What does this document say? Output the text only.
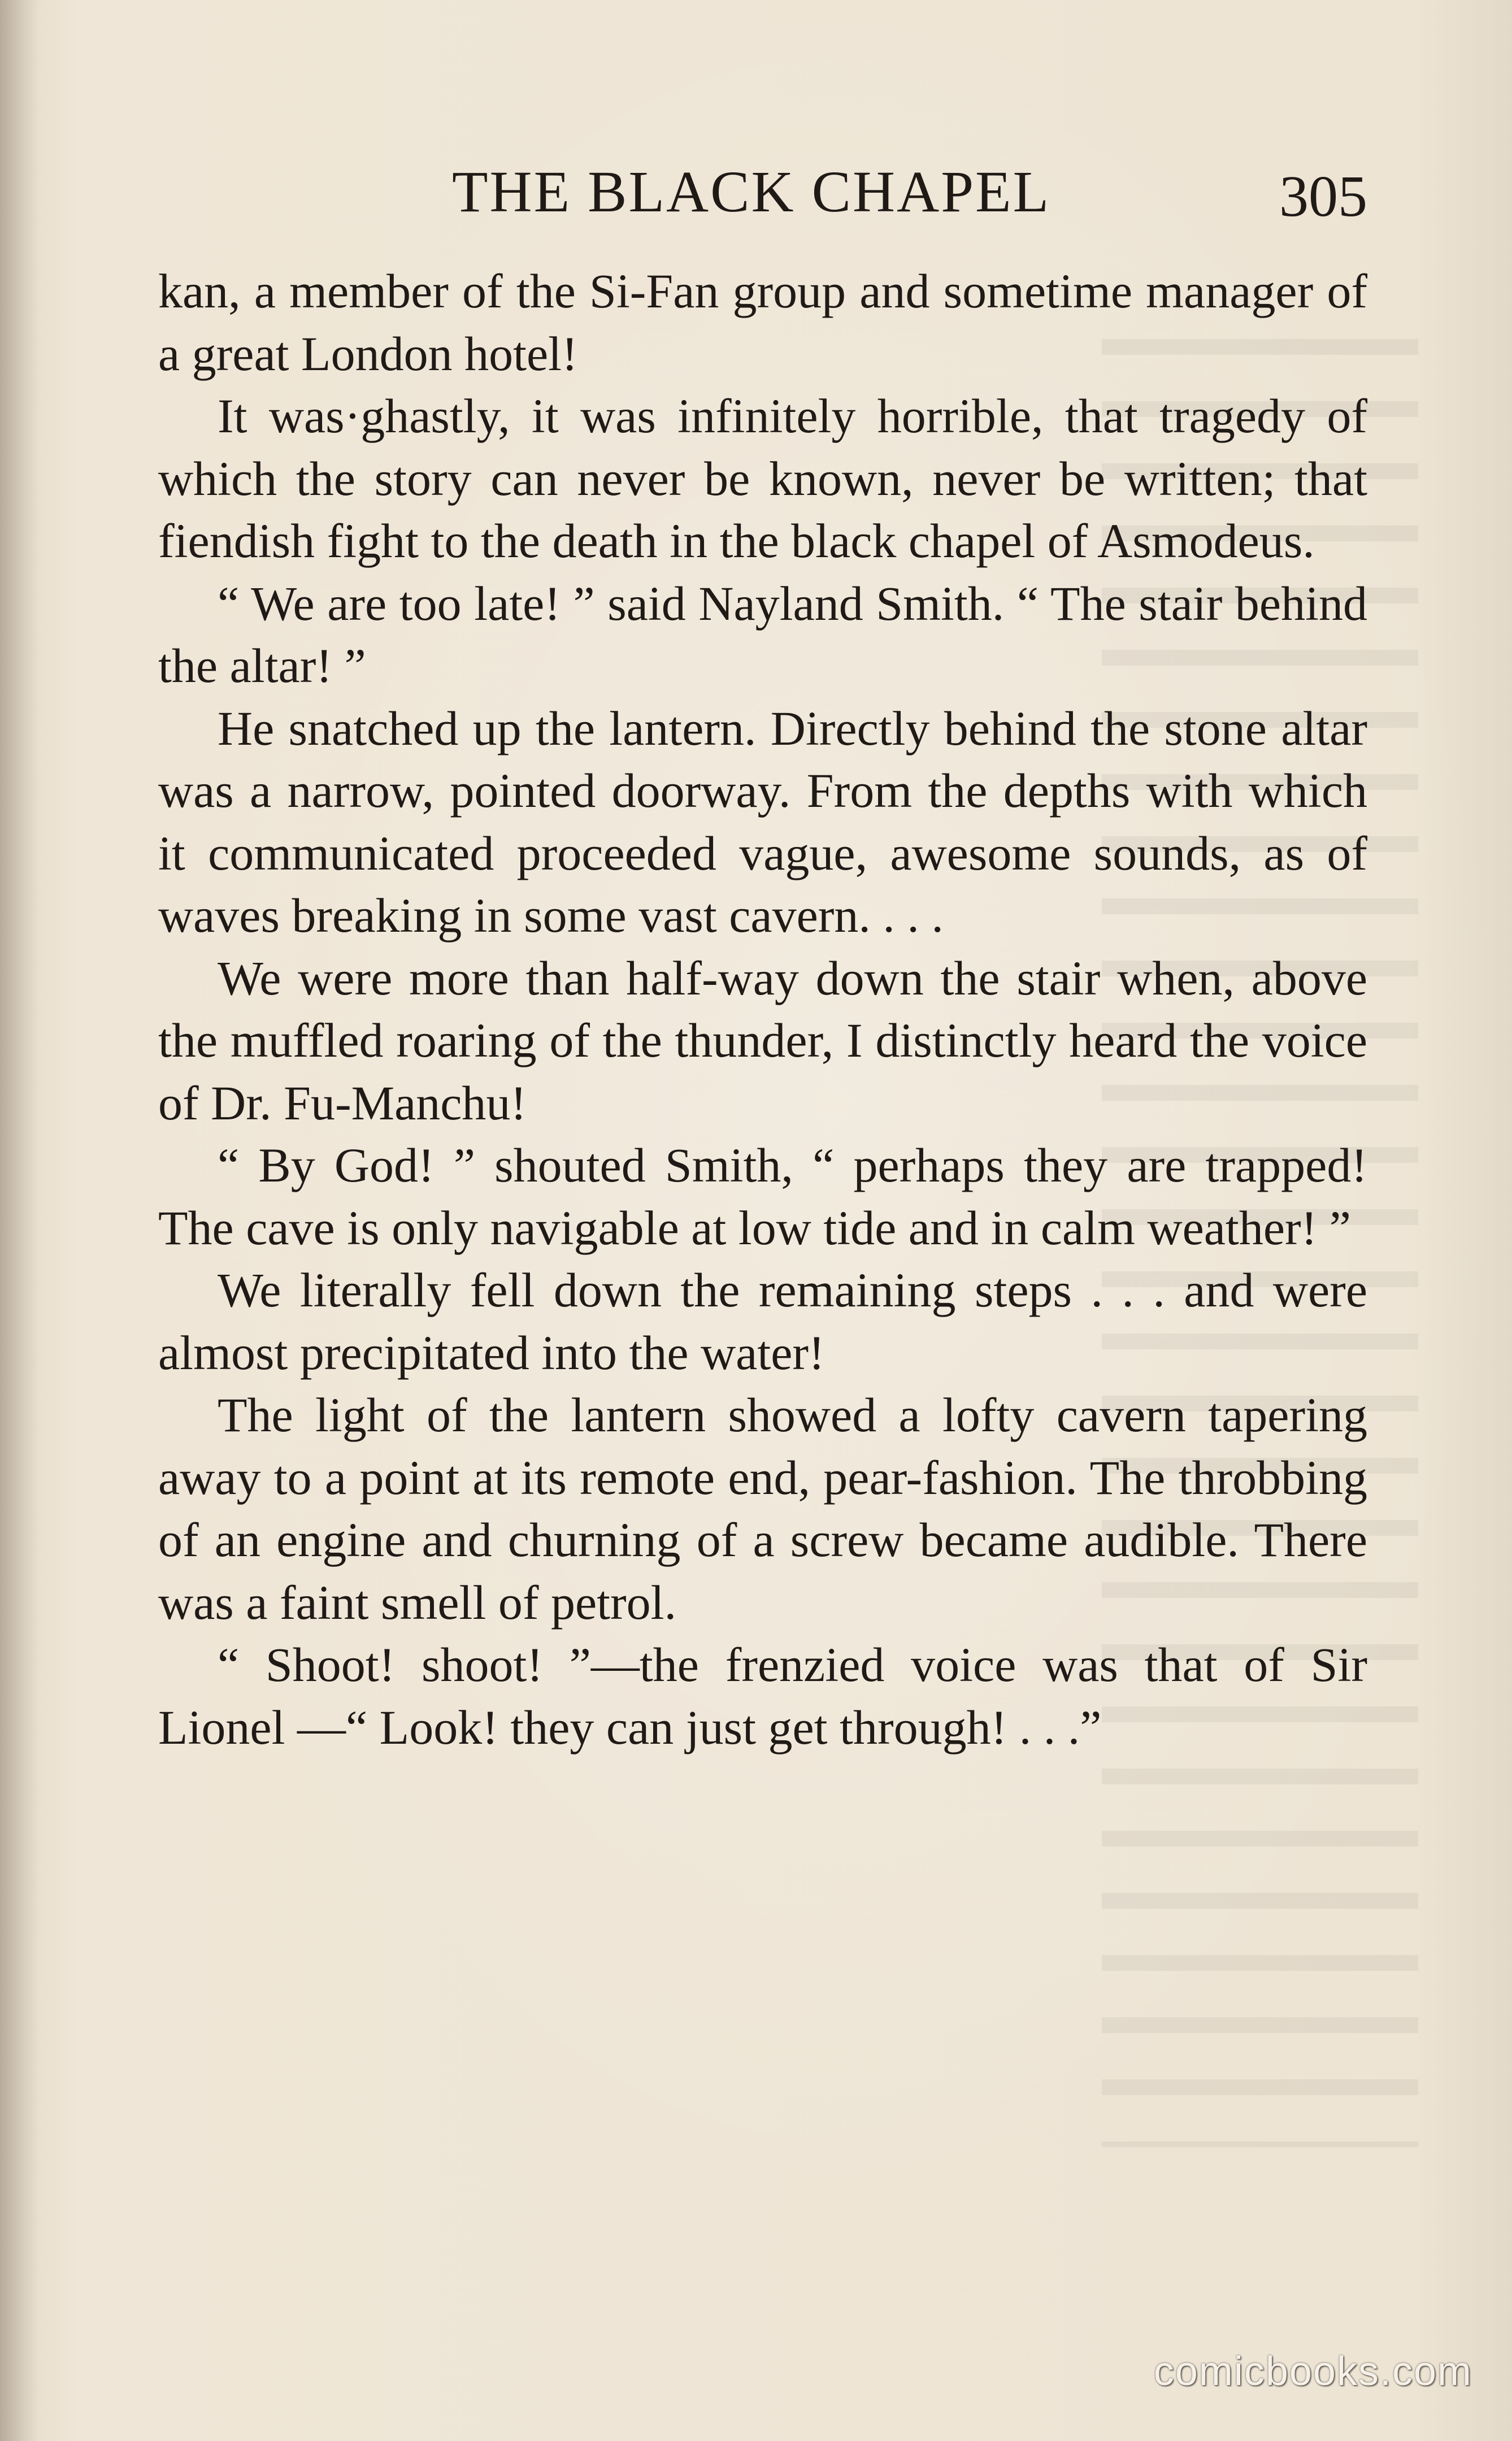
THE BLACK CHAPEL	305

kan, a member of the Si-Fan group and sometime manager of a great London hotel!

It was·ghastly, it was infinitely horrible, that tragedy of which the story can never be known, never be written; that fiendish fight to the death in the black chapel of Asmodeus.

“ We are too late! ” said Nayland Smith. “ The stair behind the altar! ”

He snatched up the lantern. Directly behind the stone altar was a narrow, pointed doorway. From the depths with which it communicated proceeded vague, awesome sounds, as of waves breaking in some vast cavern. . . .

We were more than half-way down the stair when, above the muffled roaring of the thunder, I distinctly heard the voice of Dr. Fu-Manchu!

“ By God! ” shouted Smith, “ perhaps they are trapped! The cave is only navigable at low tide and in calm weather! ”

We literally fell down the remaining steps . . . and were almost precipitated into the water!

The light of the lantern showed a lofty cavern tapering away to a point at its remote end, pear-fashion. The throbbing of an engine and churning of a screw became audible. There was a faint smell of petrol.

“ Shoot! shoot! ”—the frenzied voice was that of Sir Lionel —“ Look! they can just get through! . . .”

comicbooks.com
